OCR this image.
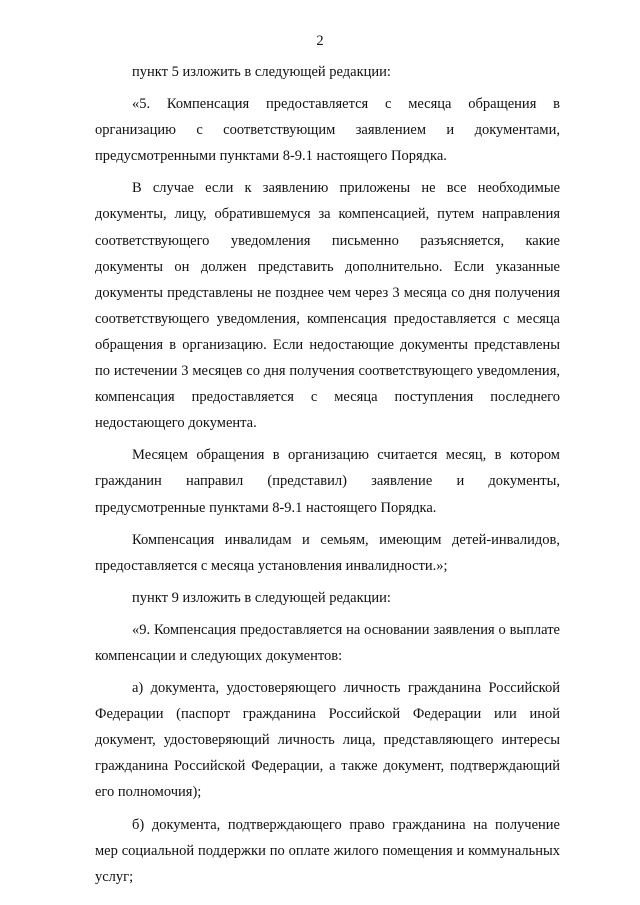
2

пункт 5 изложить в следующей редакции:

«5. Компенсация предоставляется с месяца обращения в организацию с соответствующим заявлением и документами, предусмотренными пунктами 8-9.1 настоящего Порядка.

В случае если к заявлению приложены не все необходимые документы, лицу, обратившемуся за компенсацией, путем направления соответствующего уведомления письменно разъясняется, какие документы он должен представить дополнительно. Если указанные документы представлены не позднее чем через 3 месяца со дня получения соответствующего уведомления, компенсация предоставляется с месяца обращения в организацию. Если недостающие документы представлены по истечении 3 месяцев со дня получения соответствующего уведомления, компенсация предоставляется с месяца поступления последнего недостающего документа.

Месяцем обращения в организацию считается месяц, в котором гражданин направил (представил) заявление и документы, предусмотренные пунктами 8-9.1 настоящего Порядка.

Компенсация инвалидам и семьям, имеющим детей-инвалидов, предоставляется с месяца установления инвалидности.»;

пункт 9 изложить в следующей редакции:

«9. Компенсация предоставляется на основании заявления о выплате компенсации и следующих документов:

а) документа, удостоверяющего личность гражданина Российской Федерации (паспорт гражданина Российской Федерации или иной документ, удостоверяющий личность лица, представляющего интересы гражданина Российской Федерации, а также документ, подтверждающий его полномочия);

б) документа, подтверждающего право гражданина на получение мер социальной поддержки по оплате жилого помещения и коммунальных услуг;
